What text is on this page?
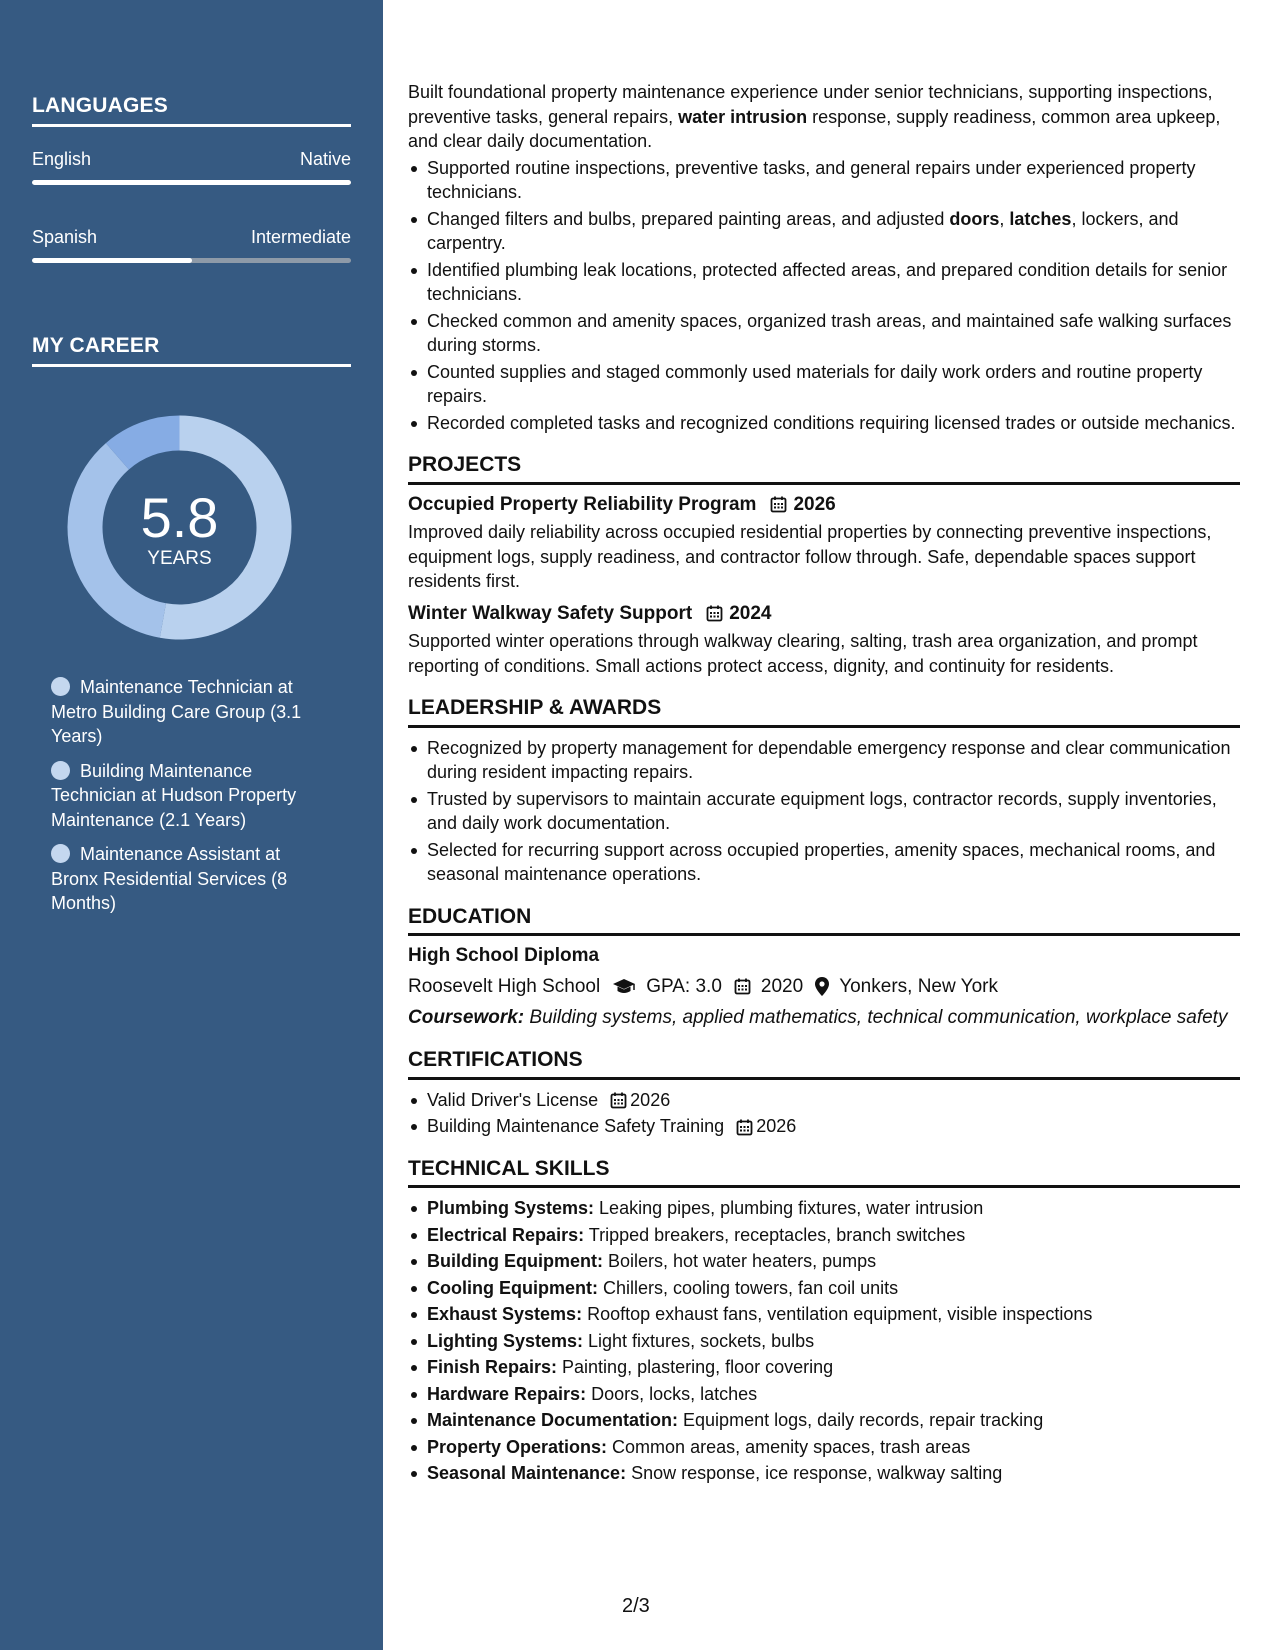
LANGUAGES
English	Native
Spanish	Intermediate
MY CAREER
5.8
YEARS
Maintenance Technician at Metro Building Care Group (3.1 Years)
Building Maintenance Technician at Hudson Property Maintenance (2.1 Years)
Maintenance Assistant at Bronx Residential Services (8 Months)

Built foundational property maintenance experience under senior technicians, supporting inspections, preventive tasks, general repairs, water intrusion response, supply readiness, common area upkeep, and clear daily documentation.

Supported routine inspections, preventive tasks, and general repairs under experienced property technicians.
Changed filters and bulbs, prepared painting areas, and adjusted doors, latches, lockers, and carpentry.
Identified plumbing leak locations, protected affected areas, and prepared condition details for senior technicians.
Checked common and amenity spaces, organized trash areas, and maintained safe walking surfaces during storms.
Counted supplies and staged commonly used materials for daily work orders and routine property repairs.
Recorded completed tasks and recognized conditions requiring licensed trades or outside mechanics.
PROJECTS
Occupied Property Reliability Program 2026

Improved daily reliability across occupied residential properties by connecting preventive inspections, equipment logs, supply readiness, and contractor follow through. Safe, dependable spaces support residents first.

Winter Walkway Safety Support 2024

Supported winter operations through walkway clearing, salting, trash area organization, and prompt reporting of conditions. Small actions protect access, dignity, and continuity for residents.

LEADERSHIP & AWARDS
Recognized by property management for dependable emergency response and clear communication during resident impacting repairs.
Trusted by supervisors to maintain accurate equipment logs, contractor records, supply inventories, and daily work documentation.
Selected for recurring support across occupied properties, amenity spaces, mechanical rooms, and seasonal maintenance operations.
EDUCATION
High School Diploma
Roosevelt High School GPA: 3.0 2020 Yonkers, New York

Coursework: Building systems, applied mathematics, technical communication, workplace safety

CERTIFICATIONS
Valid Driver's License 2026
Building Maintenance Safety Training 2026
TECHNICAL SKILLS
Plumbing Systems: Leaking pipes, plumbing fixtures, water intrusion
Electrical Repairs: Tripped breakers, receptacles, branch switches
Building Equipment: Boilers, hot water heaters, pumps
Cooling Equipment: Chillers, cooling towers, fan coil units
Exhaust Systems: Rooftop exhaust fans, ventilation equipment, visible inspections
Lighting Systems: Light fixtures, sockets, bulbs
Finish Repairs: Painting, plastering, floor covering
Hardware Repairs: Doors, locks, latches
Maintenance Documentation: Equipment logs, daily records, repair tracking
Property Operations: Common areas, amenity spaces, trash areas
Seasonal Maintenance: Snow response, ice response, walkway salting
2/3
